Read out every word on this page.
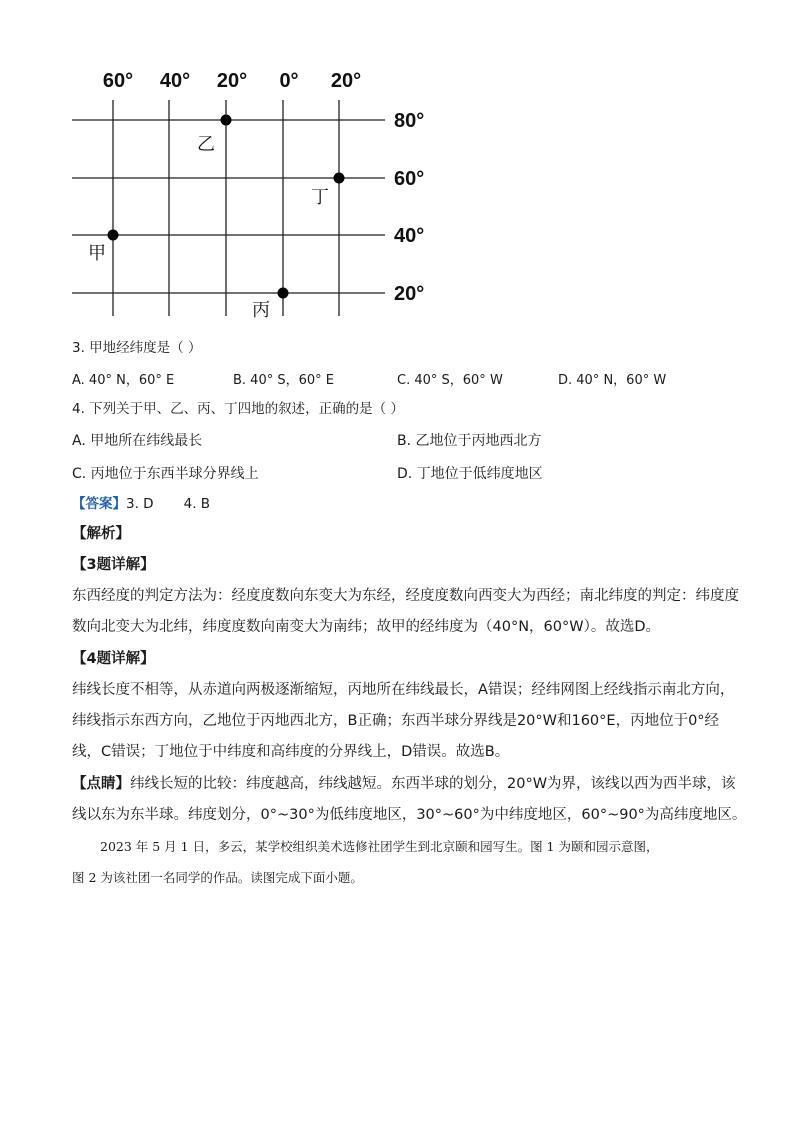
60° 40° 20° 0° 20°
80°
60°
40°
20°
乙
丁
甲
丙
3. 甲地经纬度是（ ）
A. 40° N，60° E	B. 40° S，60° E	C. 40° S，60° W	D. 40° N，60° W
4. 下列关于甲、乙、丙、丁四地的叙述，正确的是（ ）
A. 甲地所在纬线最长	B. 乙地位于丙地西北方
C. 丙地位于东西半球分界线上	D. 丁地位于低纬度地区
【答案】3. D       4. B
【解析】
【3题详解】
东西经度的判定方法为：经度度数向东变大为东经，经度度数向西变大为西经；南北纬度的判定：纬度度
数向北变大为北纬，纬度度数向南变大为南纬；故甲的经纬度为（40°N，60°W）。故选D。
【4题详解】
纬线长度不相等，从赤道向两极逐渐缩短，丙地所在纬线最长，A错误；经纬网图上经线指示南北方向，
纬线指示东西方向，乙地位于丙地西北方，B正确；东西半球分界线是20°W和160°E，丙地位于0°经
线，C错误；丁地位于中纬度和高纬度的分界线上，D错误。故选B。
【点睛】纬线长短的比较：纬度越高，纬线越短。东西半球的划分，20°W为界，该线以西为西半球，该
线以东为东半球。纬度划分，0°~30°为低纬度地区，30°~60°为中纬度地区，60°~90°为高纬度地区。
2023 年 5 月 1 日，多云，某学校组织美术选修社团学生到北京颐和园写生。图 1 为颐和园示意图，
图 2 为该社团一名同学的作品。读图完成下面小题。
